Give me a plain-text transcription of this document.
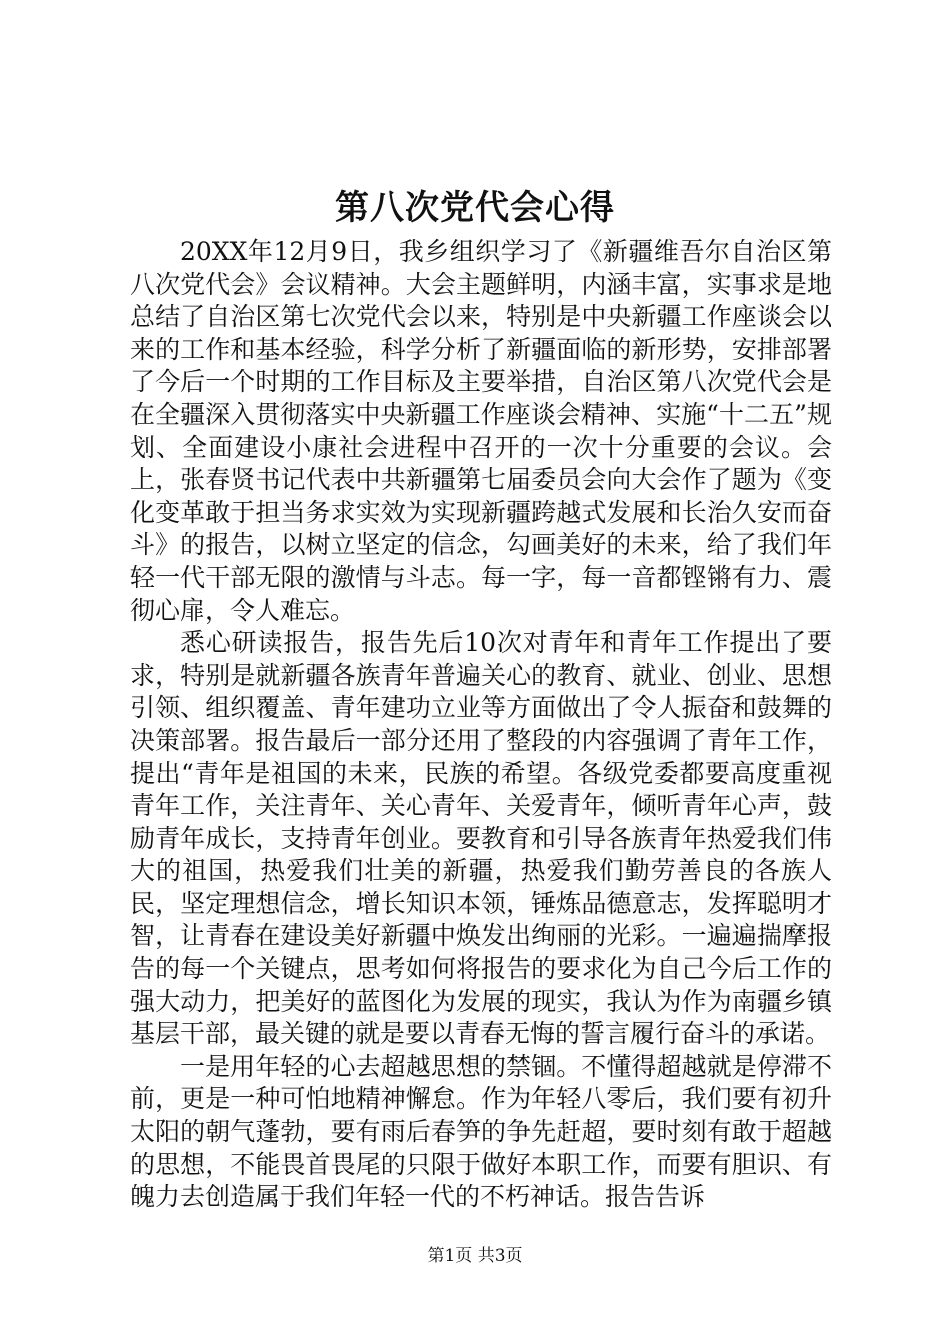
第八次党代会心得

20XX年12月9日，我乡组织学习了《新疆维吾尔自治区第八次党代会》会议精神。大会主题鲜明，内涵丰富，实事求是地总结了自治区第七次党代会以来，特别是中央新疆工作座谈会以来的工作和基本经验，科学分析了新疆面临的新形势，安排部署了今后一个时期的工作目标及主要举措，自治区第八次党代会是在全疆深入贯彻落实中央新疆工作座谈会精神、实施“十二五”规划、全面建设小康社会进程中召开的一次十分重要的会议。会上，张春贤书记代表中共新疆第七届委员会向大会作了题为《变化变革敢于担当务求实效为实现新疆跨越式发展和长治久安而奋斗》的报告，以树立坚定的信念，勾画美好的未来，给了我们年轻一代干部无限的激情与斗志。每一字，每一音都铿锵有力、震彻心扉，令人难忘。

悉心研读报告，报告先后10次对青年和青年工作提出了要求，特别是就新疆各族青年普遍关心的教育、就业、创业、思想引领、组织覆盖、青年建功立业等方面做出了令人振奋和鼓舞的决策部署。报告最后一部分还用了整段的内容强调了青年工作，提出“青年是祖国的未来，民族的希望。各级党委都要高度重视青年工作，关注青年、关心青年、关爱青年，倾听青年心声，鼓励青年成长，支持青年创业。要教育和引导各族青年热爱我们伟大的祖国，热爱我们壮美的新疆，热爱我们勤劳善良的各族人民，坚定理想信念，增长知识本领，锤炼品德意志，发挥聪明才智，让青春在建设美好新疆中焕发出绚丽的光彩。一遍遍揣摩报告的每一个关键点，思考如何将报告的要求化为自己今后工作的强大动力，把美好的蓝图化为发展的现实，我认为作为南疆乡镇基层干部，最关键的就是要以青春无悔的誓言履行奋斗的承诺。

一是用年轻的心去超越思想的禁锢。不懂得超越就是停滞不前，更是一种可怕地精神懈怠。作为年轻八零后，我们要有初升太阳的朝气蓬勃，要有雨后春笋的争先赶超，要时刻有敢于超越的思想，不能畏首畏尾的只限于做好本职工作，而要有胆识、有魄力去创造属于我们年轻一代的不朽神话。报告告诉

第1页 共3页
